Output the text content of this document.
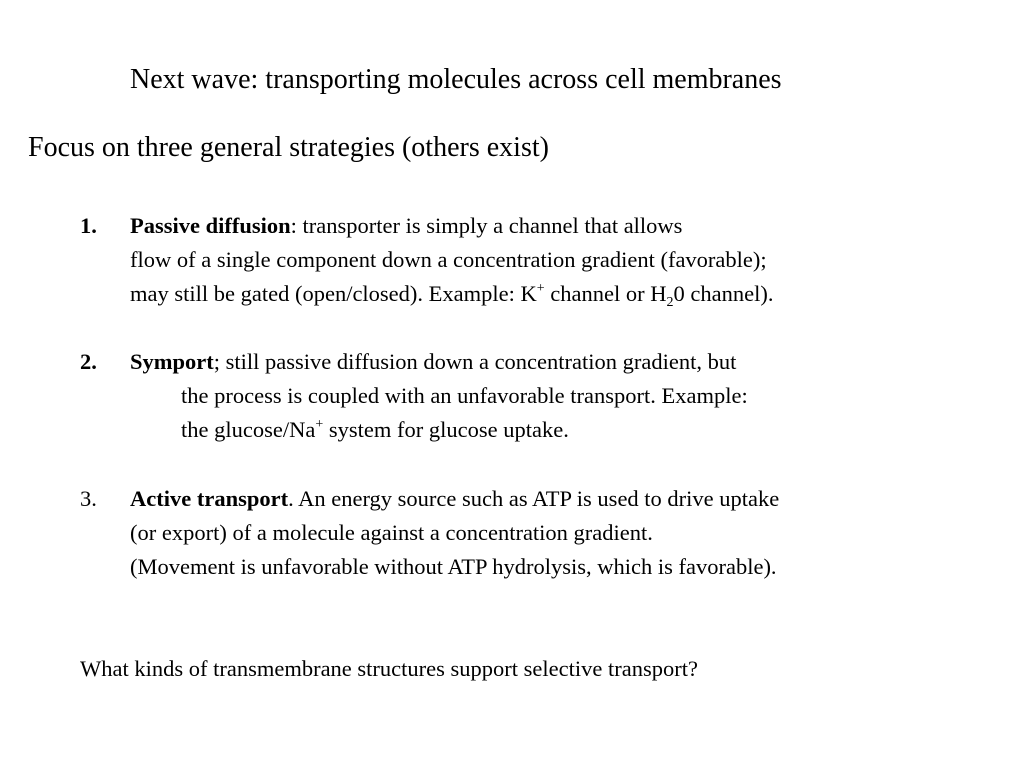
Next wave: transporting molecules across cell membranes
Focus on three general strategies (others exist)
1. Passive diffusion: transporter is simply a channel that allows
flow of a single component down a concentration gradient (favorable);
may still be gated (open/closed). Example: K+ channel or $H_20$ channel).
2. Symport; still passive diffusion down a concentration gradient, but
the process is coupled with an unfavorable transport. Example:
the glucose/Na+ system for glucose uptake.
3. Active transport. An energy source such as ATP is used to drive uptake
(or export) of a molecule against a concentration gradient.
(Movement is unfavorable without ATP hydrolysis, which is favorable).
What kinds of transmembrane structures support selective transport?
